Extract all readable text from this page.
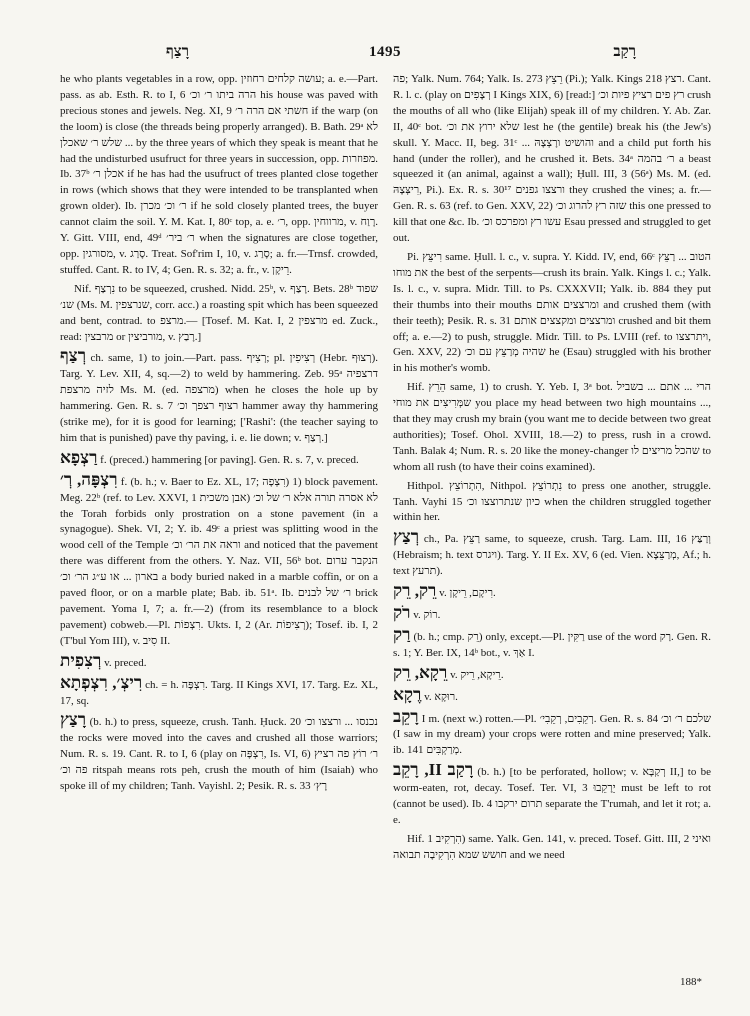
רָצַף	1495	רָקַב

he who plants vegetables in a row, opp. עושה קלחים רחוזין; a. e.—Part. pass. as ab. Esth. R. to I, 6 הרה ביתו ר׳ וכ׳ his house was paved with precious stones and jewels. Neg. XI, 9 חשתי אם הרה ר׳ if the warp (on the loom) is close (the threads being properly arranged). B. Bath. 29ᵃ לא ... שלש ר׳ שאכלן by the three years of which they speak is meant that he had the undisturbed usufruct for three years in succession, opp. מפוזרות. Ib. 37ᵇ אכלן ר׳ if he has had the usufruct of trees planted close together in rows (which shows that they were intended to be transplanted when grown older). Ib. ר׳ וכ׳ מכרן if he sold closely planted trees, the buyer cannot claim the soil. Y. M. Kat. I, 80ᶜ top, a. e. ר׳, opp. מרווחין, v. רָוַח. Y. Gitt. VIII, end, 49ᵈ ר׳ ביר׳ when the signatures are close together, opp. מסורגין, v. סָרַג. Treat. Sof'rim I, 10, v. סָרַג; a. fr.—Trnsf. crowded, stuffed. Cant. R. to IV, 4; Gen. R. s. 32; a. fr., v. רֵיקָן.

Nif. נִרְצַף to be squeezed, crushed. Nidd. 25ᵇ, v. רָצַף. Bets. 28ᵇ שפוד שנ׳ (Ms. M. שנרצפין, corr. acc.) a roasting spit which has been squeezed and bent, contrad. to מרצפ.— [Tosef. M. Kat. I, 2 מרצפין ed. Zuck., read: מרבצין or מורביצין, v. רָבַץ.]

רְצַף ch. same, 1) to join.—Part. pass. רְצִיף; pl. רְצִיפִין (Hebr. רְצוּף). Targ. Y. Lev. XII, 4, sq.—2) to weld by hammering. Zeb. 95ᵃ דרצפיה לזיה מרצפת Ms. M. (ed. מרצפה) when he closes the hole up by hammering. Gen. R. s. 7 רצוף רצפך וכ׳ hammer away thy hammering (strike me), for it is good for learning; ['Rashi': (the teacher saying to him that is punished) pave thy paving, i. e. lie down; v. רְצַף.]

רַצְפָא f. (preced.) hammering [or paving]. Gen. R. s. 7, v. preced.

רִצְפָּה, רְ׳ f. (b. h.; v. Baer to Ez. XL, 17; רִצְפָה) 1) block pavement. Meg. 22ᵇ (ref. to Lev. XXVI, 1 אבן משכית) לא אסרה תורה אלא ר׳ של וכ׳ the Torah forbids only prostration on a stone pavement (in a synagogue). Shek. VI, 2; Y. ib. 49ᶜ a priest was splitting wood in the wood cell of the Temple וראה את הר׳ וכ׳ and noticed that the pavement there was different from the others. Y. Naz. VII, 56ᵇ bot. הנקבר ערום בארון ... או ע״ג הר׳ וכ׳ a body buried naked in a marble coffin, or on a paved floor, or on a marble plate; Bab. ib. 51ᵃ. Ib. ר׳ של לבנים brick pavement. Yoma I, 7; a. fr.—2) (from its resemblance to a block pavement) cobweb.—Pl. רִצְפוֹת. Ukts. I, 2 (Ar. רְצִיפוֹת); Tosef. ib. I, 2 (T'bul Yom III), v. סִיב II.

רְצִפִית v. preced.

רִיצְ׳, רִצְפְתָא ch. = h. רִצְפָּה. Targ. II Kings XVI, 17. Targ. Ez. XL, 17, sq.

רָצַץ (b. h.) to press, squeeze, crush. Tanh. Ḥuck. 20 נכנסו ... ורצצו וכ׳ the rocks were moved into the caves and crushed all those warriors; Num. R. s. 19. Cant. R. to I, 6 (play on רִצְפָּה, Is. VI, 6) ר׳ רוֹץ פה רציץ פה וכ׳ ritspah means rots peh, crush the mouth of him (Isaiah) who spoke ill of my children; Tanh. Vayishl. 2; Pesik. R. s. 33 רָץ׳

פה; Yalk. Num. 764; Yalk. Is. 273 רֵצֵץ (Pi.); Yalk. Kings 218 רצץ. Cant. R. l. c. (play on רְצָפִים I Kings XIX, 6) [read:] רץ פים רציץ פיות וכ׳ crush the mouths of all who (like Elijah) speak ill of my children. Y. Ab. Zar. II, 40ᶜ bot. שלא ירוץ את וכ׳ lest he (the gentile) break his (the Jew's) skull. Y. Macc. II, beg. 31ᶜ ... והושיט ורָצְצָהּ and a child put forth his hand (under the roller), and he crushed it. Bets. 34ᵃ ר׳ בהמה a beast squeezed it (an animal, against a wall); Ḥull. III, 3 (56ᵃ) Ms. M. (ed. רִיצְּצָהּ, Pi.). Ex. R. s. 30¹⁷ ורצצו גפנים they crushed the vines; a. fr.— Gen. R. s. 63 (ref. to Gen. XXV, 22) שזה רץ להרוג וכ׳ this one pressed to kill that one &c. Ib. עשו רץ ומפרכס וכ׳ Esau pressed and struggled to get out.

Pi. רִיצֵּץ same. Ḥull. l. c., v. supra. Y. Kidd. IV, end, 66ᶜ הטוב ... רַצֵּץ את מוחו the best of the serpents—crush its brain. Yalk. Kings l. c.; Yalk. Is. l. c., v. supra. Midr. Till. to Ps. CXXXVII; Yalk. ib. 884 they put their thumbs into their mouths ומרצצים אותם and crushed them (with their teeth); Pesik. R. s. 31 ומרצצים ומקצצים אותם crushed and bit them off; a. e.—2) to push, struggle. Midr. Till. to Ps. LVIII (ref. to ויתרצצו, Gen. XXV, 22) שהיה מְרַצֵּץ עם וכ׳ he (Esau) struggled with his brother in his mother's womb.

Hif. הֵרֵץ same, 1) to crush. Y. Yeb. I, 3ᵃ bot. הרי ... אתם ... בשביל שמְּרִיצִים את מוחי you place my head between two high mountains ..., that they may crush my brain (you want me to decide between two great authorities); Tosef. Ohol. XVIII, 18.—2) to press, rush in a crowd. Tanh. Balak 4; Num. R. s. 20 like the money-changer שהכל מריצים לו to whom all rush (to have their coins examined).

Hithpol. הִתְרוֹצֵץ, Nithpol. נִתְרוֹצֵץ to press one another, struggle. Tanh. Vayhi 15 כיון שנתרוצצו וכ׳ when the children struggled together within her.

רְצַץ ch., Pa. רַצֵּץ same, to squeeze, crush. Targ. Lam. III, 16 וְרַצַּץ (Hebraism; h. text ויגרס). Targ. Y. II Ex. XV, 6 (ed. Vien. מְרַצֵּצָא, Af.; h. text תרעץ).

רֵק, רֵק v. רִיקָם, רֵיקָן.

רֹק v. רוֹק.

רַק (b. h.; cmp. רֵק) only, except.—Pl. רַקִּין use of the word רַק. Gen. R. s. 1; Y. Ber. IX, 14ᵇ bot., v. אַךְ I.

רֵקָא, רֵק v. רֵיקָא, רֵיק.

רֶקָא v. רוּקָא.

רָקֵב I m. (next w.) rotten.—Pl. רְקֵבִים, רְקֵבִי׳. Gen. R. s. 84 שלכם ר׳ וכ׳ (I saw in my dream) your crops were rotten and mine preserved; Yalk. ib. 141 מְרַקְבִּים.

רָקַב II, רָקֵב (b. h.) [to be perforated, hollow; v. רְקַבָּא II,] to be worm-eaten, rot, decay. Tosef. Ter. VI, 3 יֵרָקֵבוּ must be left to rot (cannot be used). Ib. 4 תרום ירקבו separate the T'rumah, and let it rot; a. e.

Hif. הִרְקִיב 1) same. Yalk. Gen. 141, v. preced. Tosef. Gitt. III, 2 ואיני חושש שמא הִרְקִיבָה תבואה and we need

188*
